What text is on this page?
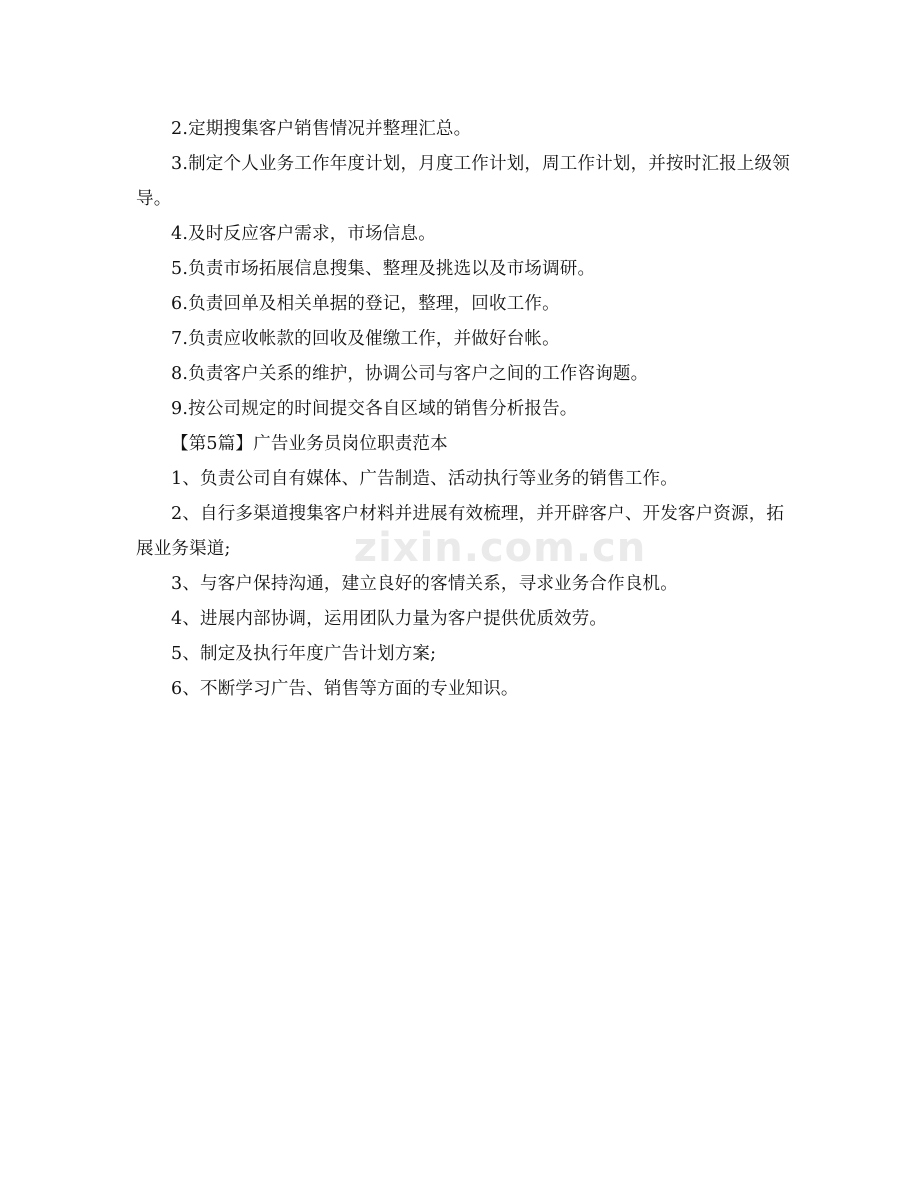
2.定期搜集客户销售情况并整理汇总。

3.制定个人业务工作年度计划，月度工作计划，周工作计划，并按时汇报上级领导。

4.及时反应客户需求，市场信息。

5.负责市场拓展信息搜集、整理及挑选以及市场调研。

6.负责回单及相关单据的登记，整理，回收工作。

7.负责应收帐款的回收及催缴工作，并做好台帐。

8.负责客户关系的维护，协调公司与客户之间的工作咨询题。

9.按公司规定的时间提交各自区域的销售分析报告。

【第5篇】广告业务员岗位职责范本

1、负责公司自有媒体、广告制造、活动执行等业务的销售工作。

2、自行多渠道搜集客户材料并进展有效梳理，并开辟客户、开发客户资源，拓展业务渠道;

3、与客户保持沟通，建立良好的客情关系，寻求业务合作良机。

4、进展内部协调，运用团队力量为客户提供优质效劳。

5、制定及执行年度广告计划方案;

6、不断学习广告、销售等方面的专业知识。

zixin.com.cn
